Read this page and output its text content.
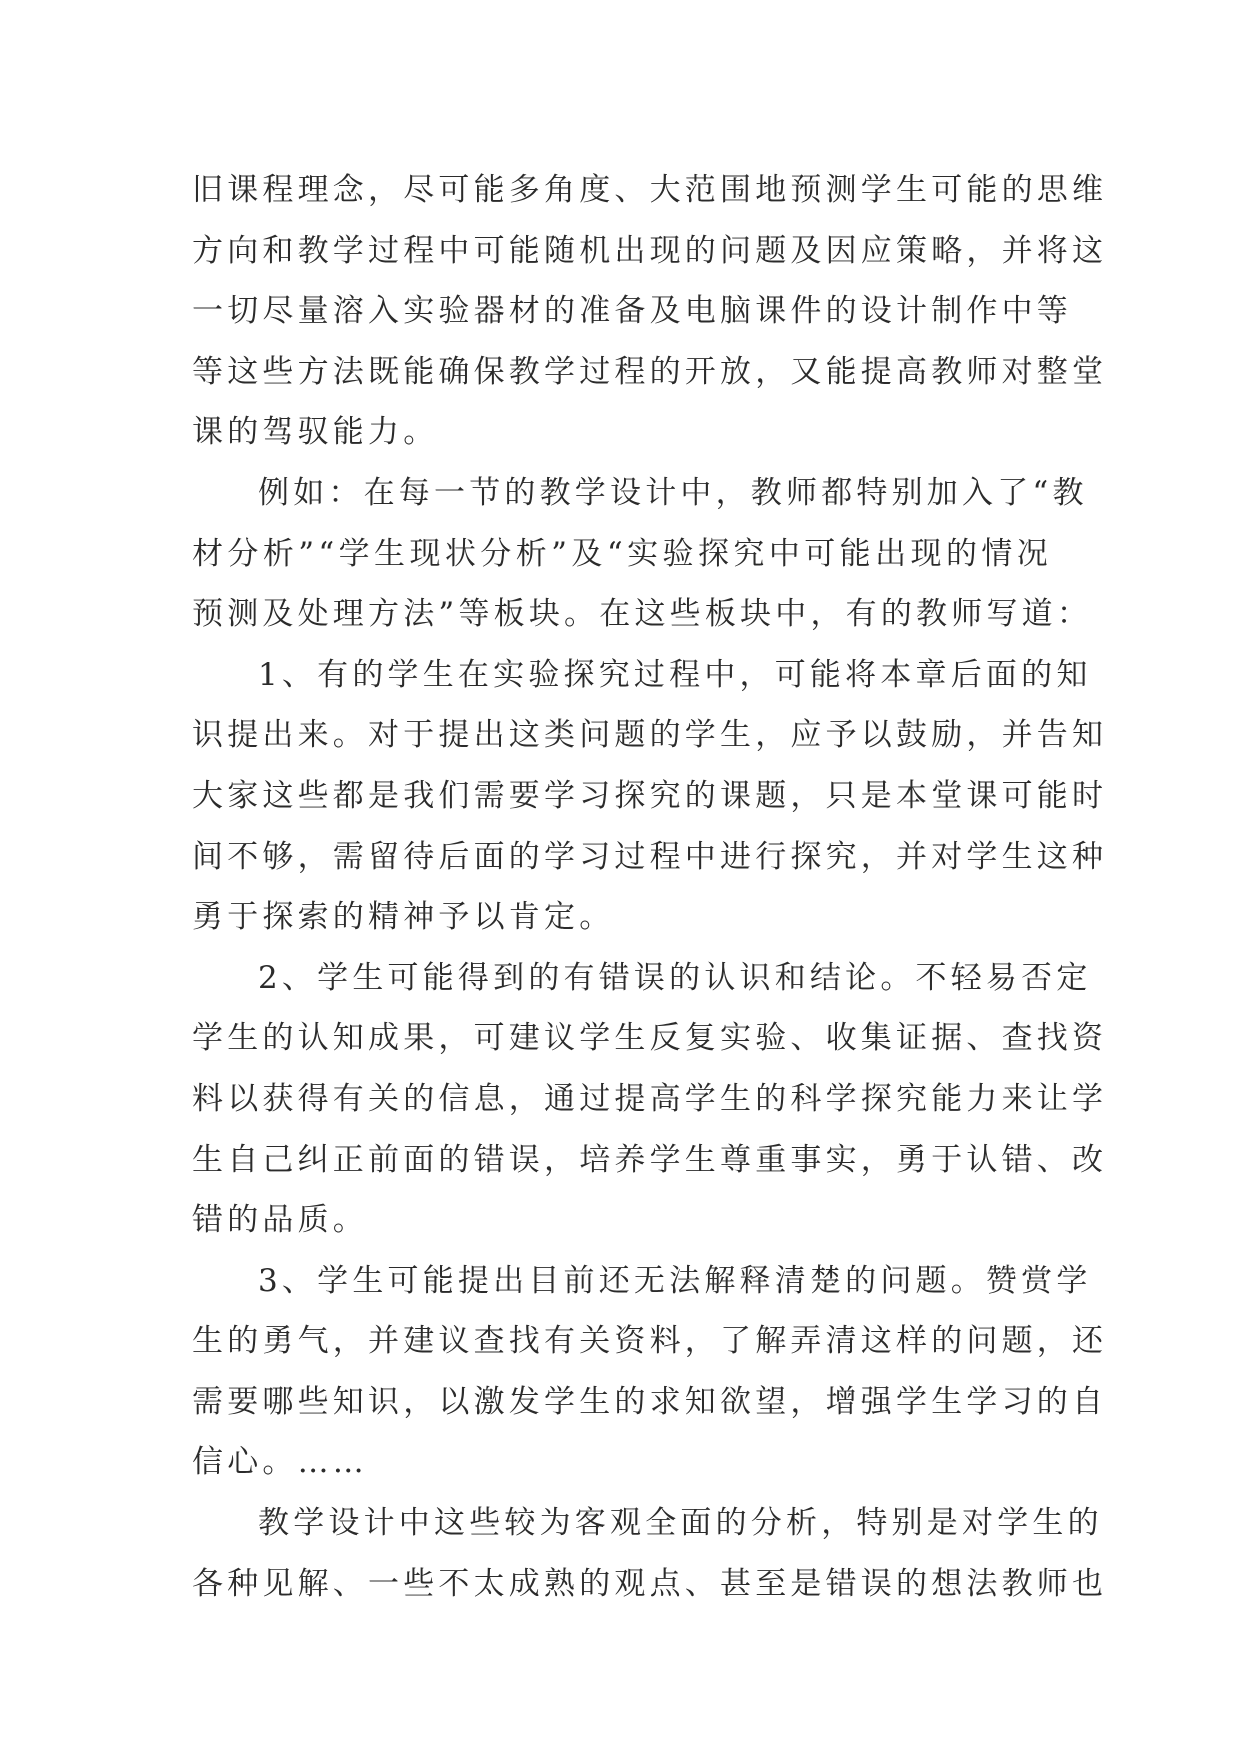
旧课程理念，尽可能多角度、大范围地预测学生可能的思维
方向和教学过程中可能随机出现的问题及因应策略，并将这
一切尽量溶入实验器材的准备及电脑课件的设计制作中等
等这些方法既能确保教学过程的开放，又能提高教师对整堂
课的驾驭能力。
例如：在每一节的教学设计中，教师都特别加入了“教
材分析”“学生现状分析”及“实验探究中可能出现的情况
预测及处理方法”等板块。在这些板块中，有的教师写道：
1、有的学生在实验探究过程中，可能将本章后面的知
识提出来。对于提出这类问题的学生，应予以鼓励，并告知
大家这些都是我们需要学习探究的课题，只是本堂课可能时
间不够，需留待后面的学习过程中进行探究，并对学生这种
勇于探索的精神予以肯定。
2、学生可能得到的有错误的认识和结论。不轻易否定
学生的认知成果，可建议学生反复实验、收集证据、查找资
料以获得有关的信息，通过提高学生的科学探究能力来让学
生自己纠正前面的错误，培养学生尊重事实，勇于认错、改
错的品质。
3、学生可能提出目前还无法解释清楚的问题。赞赏学
生的勇气，并建议查找有关资料，了解弄清这样的问题，还
需要哪些知识，以激发学生的求知欲望，增强学生学习的自
信心。……
教学设计中这些较为客观全面的分析，特别是对学生的
各种见解、一些不太成熟的观点、甚至是错误的想法教师也
